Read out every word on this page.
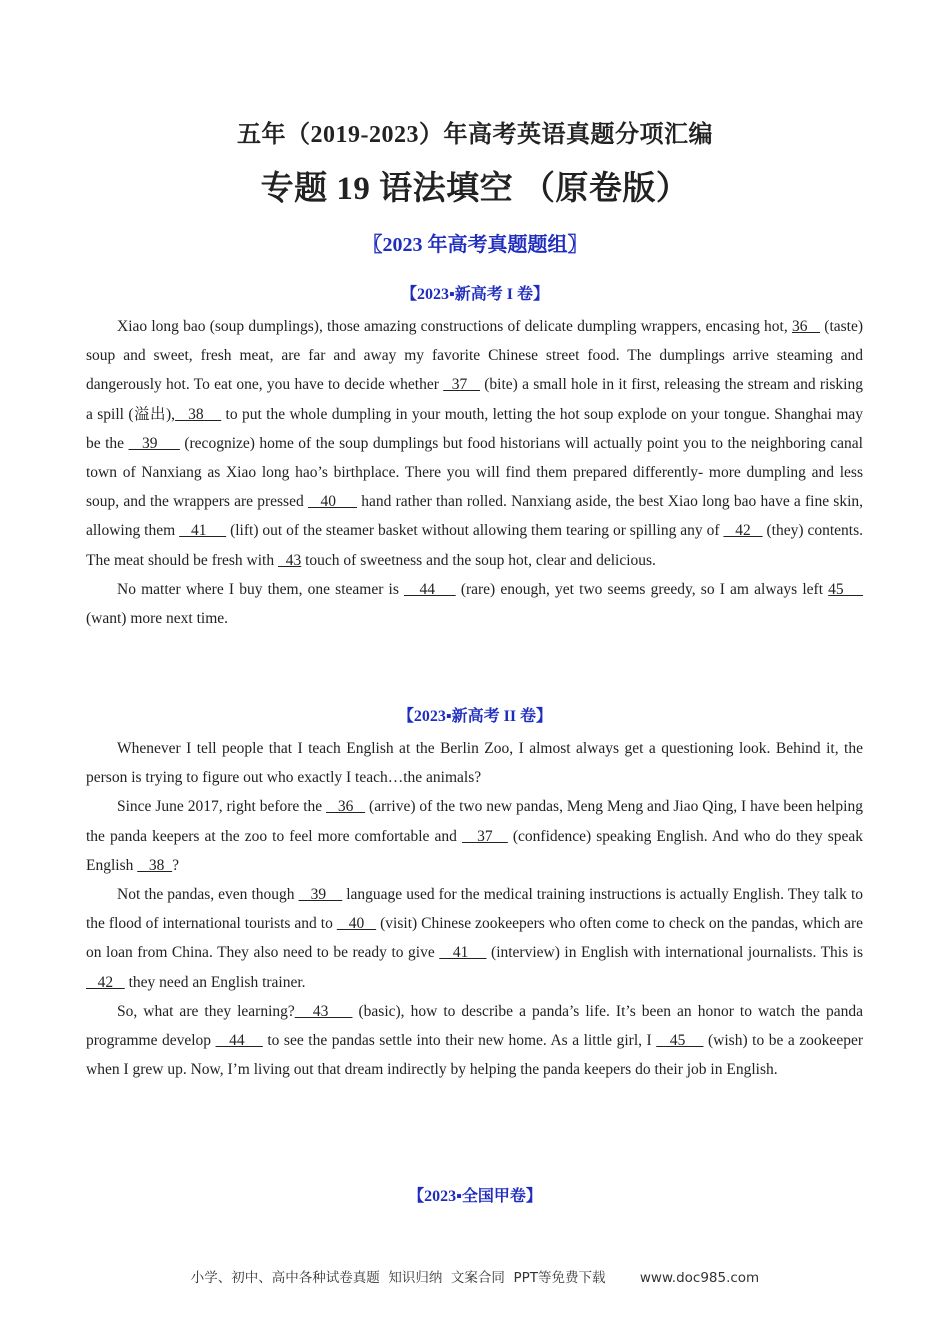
五年（2019-2023）年高考英语真题分项汇编
专题 19 语法填空 （原卷版）
〖2023 年高考真题题组〗
【2023▪新高考 I 卷】

Xiao long bao (soup dumplings), those amazing constructions of delicate dumpling wrappers, encasing hot, 36    (taste) soup and sweet, fresh meat, are far and away my favorite Chinese street food. The dumplings arrive steaming and dangerously hot. To eat one, you have to decide whether   37    (bite) a small hole in it first, releasing the stream and risking a spill (溢出),   38     to put the whole dumpling in your mouth, letting the hot soup explode on your tongue. Shanghai may be the    39      (recognize) home of the soup dumplings but food historians will actually point you to the neighboring canal town of Nanxiang as Xiao long hao’s birthplace. There you will find them prepared differently- more dumpling and less soup, and the wrappers are pressed    40      hand rather than rolled. Nanxiang aside, the best Xiao long bao have a fine skin, allowing them    41      (lift) out of the steamer basket without allowing them tearing or spilling any of    42    (they) contents. The meat should be fresh with   43 touch of sweetness and the soup hot, clear and delicious.

No matter where I buy them, one steamer is    44     (rare) enough, yet two seems greedy, so I am always left 45     (want) more next time.

【2023▪新高考 II 卷】

Whenever I tell people that I teach English at the Berlin Zoo, I almost always get a questioning look. Behind it, the person is trying to figure out who exactly I teach…the animals?

Since June 2017, right before the    36    (arrive) of the two new pandas, Meng Meng and Jiao Qing, I have been helping the panda keepers at the zoo to feel more comfortable and    37    (confidence) speaking English. And who do they speak English    38  ?

Not the pandas, even though    39     language used for the medical training instructions is actually English. They talk to the flood of international tourists and to    40    (visit) Chinese zookeepers who often come to check on the pandas, which are on loan from China. They also need to be ready to give    41     (interview) in English with international journalists. This is    42    they need an English trainer.

So, what are they learning?   43     (basic), how to describe a panda’s life. It’s been an honor to watch the panda programme develop    44     to see the pandas settle into their new home. As a little girl, I    45     (wish) to be a zookeeper when I grew up. Now, I’m living out that dream indirectly by helping the panda keepers do their job in English.

【2023▪全国甲卷】
小学、初中、高中各种试卷真题  知识归纳  文案合同  PPT等免费下载	www.doc985.com
